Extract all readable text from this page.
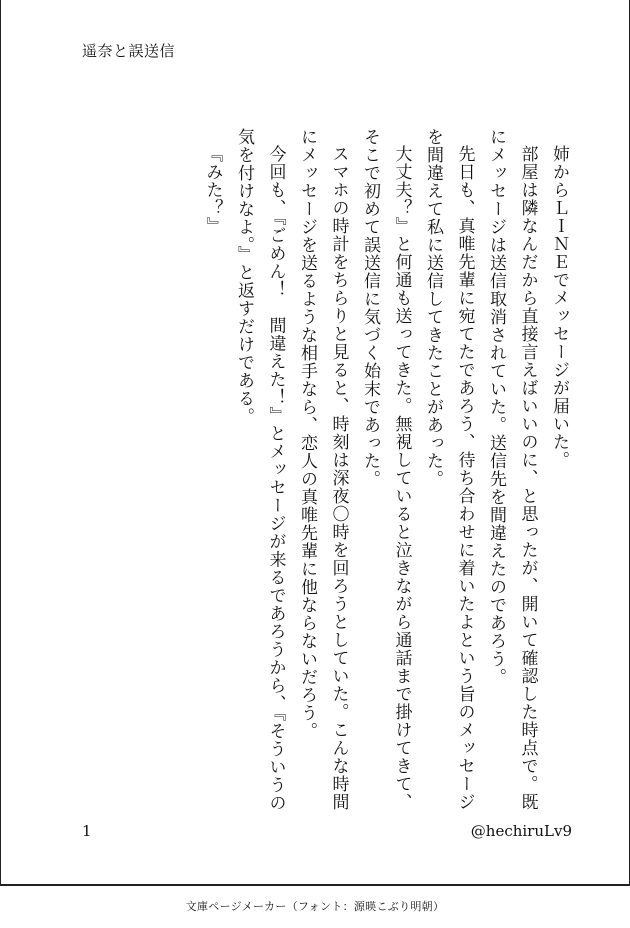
遥奈と誤送信

姉からＬＩＮＥでメッセージが届いた。

部屋は隣なんだから直接言えばいいのに、と思ったが、開いて確認した時点で。既にメッセージは送信取消されていた。送信先を間違えたのであろう。

先日も、真唯先輩に宛てたであろう、待ち合わせに着いたよという旨のメッセージを間違えて私に送信してきたことがあった。

大丈夫？』と何通も送ってきた。無視していると泣きながら通話まで掛けてきて、そこで初めて誤送信に気づく始末であった。

スマホの時計をちらりと見ると、時刻は深夜〇時を回ろうとしていた。こんな時間にメッセージを送るような相手なら、恋人の真唯先輩に他ならないだろう。

今回も、『ごめん！　間違えた！』とメッセージが来るであろうから、『そういうの気を付けなよ。』と返すだけである。

『みた？』

1	@hechiruLv9
文庫ページメーカー（フォント：源暎こぶり明朝）
